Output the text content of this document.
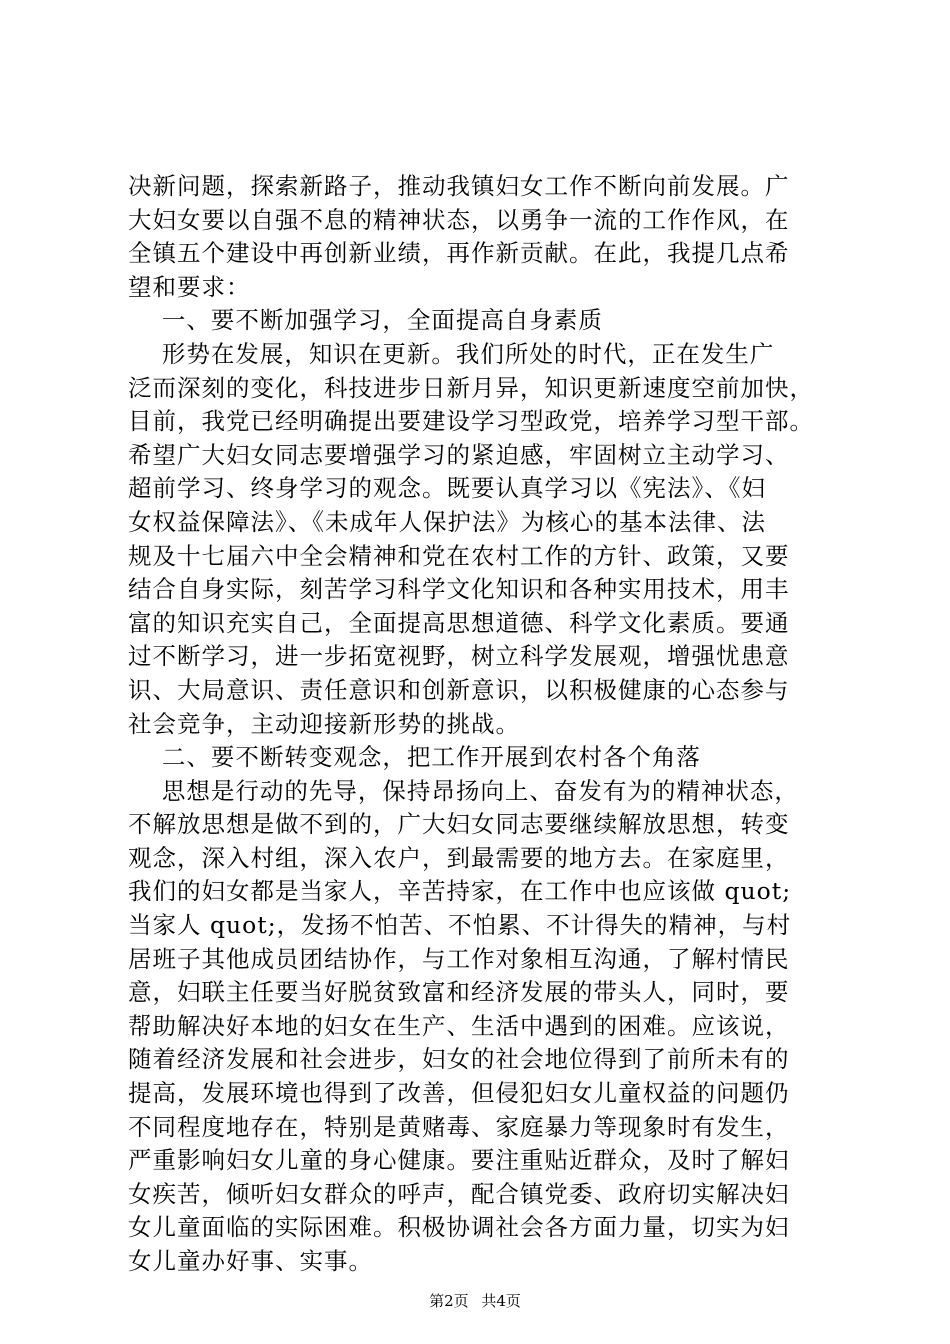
决新问题，探索新路子，推动我镇妇女工作不断向前发展。广
大妇女要以自强不息的精神状态，以勇争一流的工作作风，在
全镇五个建设中再创新业绩，再作新贡献。在此，我提几点希
望和要求：
一、要不断加强学习，全面提高自身素质
形势在发展，知识在更新。我们所处的时代，正在发生广
泛而深刻的变化，科技进步日新月异，知识更新速度空前加快，
目前，我党已经明确提出要建设学习型政党，培养学习型干部。
希望广大妇女同志要增强学习的紧迫感，牢固树立主动学习、
超前学习、终身学习的观念。既要认真学习以《宪法》、《妇
女权益保障法》、《未成年人保护法》为核心的基本法律、法
规及十七届六中全会精神和党在农村工作的方针、政策，又要
结合自身实际，刻苦学习科学文化知识和各种实用技术，用丰
富的知识充实自己，全面提高思想道德、科学文化素质。要通
过不断学习，进一步拓宽视野，树立科学发展观，增强忧患意
识、大局意识、责任意识和创新意识，以积极健康的心态参与
社会竞争，主动迎接新形势的挑战。
二、要不断转变观念，把工作开展到农村各个角落
思想是行动的先导，保持昂扬向上、奋发有为的精神状态，
不解放思想是做不到的，广大妇女同志要继续解放思想，转变
观念，深入村组，深入农户，到最需要的地方去。在家庭里，
我们的妇女都是当家人，辛苦持家，在工作中也应该做 quot;
当家人 quot;，发扬不怕苦、不怕累、不计得失的精神，与村
居班子其他成员团结协作，与工作对象相互沟通，了解村情民
意，妇联主任要当好脱贫致富和经济发展的带头人，同时，要
帮助解决好本地的妇女在生产、生活中遇到的困难。应该说，
随着经济发展和社会进步，妇女的社会地位得到了前所未有的
提高，发展环境也得到了改善，但侵犯妇女儿童权益的问题仍
不同程度地存在，特别是黄赌毒、家庭暴力等现象时有发生，
严重影响妇女儿童的身心健康。要注重贴近群众，及时了解妇
女疾苦，倾听妇女群众的呼声，配合镇党委、政府切实解决妇
女儿童面临的实际困难。积极协调社会各方面力量，切实为妇
女儿童办好事、实事。
第2页 共4页
